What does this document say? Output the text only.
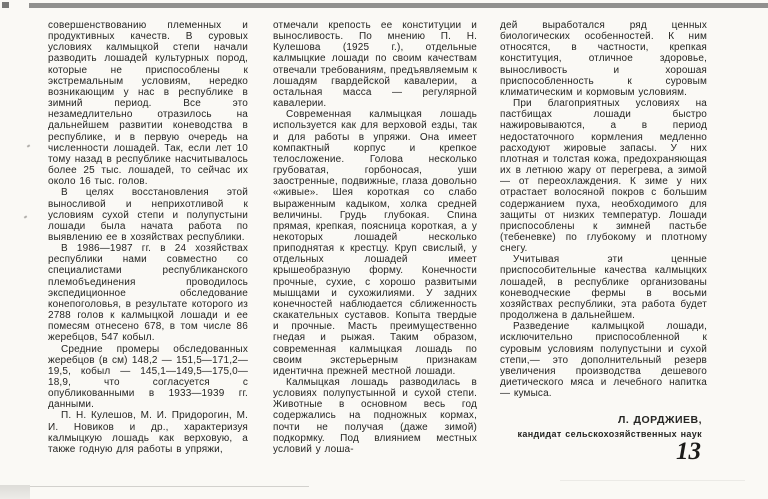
совершенствованию племенных и продуктивных качеств. В суровых условиях калмыцкой степи начали разводить лошадей культурных пород, которые не приспособлены к экстремальным условиям, нередко возникающим у нас в республике в зимний период. Все это незамедлительно отразилось на дальнейшем развитии коневодства в республике, и в первую очередь на численности лошадей. Так, если лет 10 тому назад в республике насчитывалось более 25 тыс. лошадей, то сейчас их около 16 тыс. голов.

В целях восстановления этой выносливой и неприхотливой к условиям сухой степи и полупустыни лошади была начата работа по выявлению ее в хозяйствах республики.

В 1986—1987 гг. в 24 хозяйствах республики нами совместно со специалистами республиканского племобъединения проводилось экспедиционное обследование конепоголовья, в результате которого из 2788 голов к калмыцкой лошади и ее помесям отнесено 678, в том числе 86 жеребцов, 547 кобыл.

Средние промеры обследованных жеребцов (в см) 148,2 — 151,5—171,2— 19,5, кобыл — 145,1—149,5—175,0— 18,9, что согласуется с опубликованными в 1933—1939 гг. данными.

П. Н. Кулешов, М. И. Придорогин, М. И. Новиков и др., характеризуя калмыцкую лошадь как верховую, а также годную для работы в упряжи,

отмечали крепость ее конституции и выносливость. По мнению П. Н. Кулешова (1925 г.), отдельные калмыцкие лошади по своим качествам отвечали требованиям, предъявляемым к лошадям гвардейской кавалерии, а остальная масса — регулярной кавалерии.

Современная калмыцкая лошадь используется как для верховой езды, так и для работы в упряжи. Она имеет компактный корпус и крепкое телосложение. Голова несколько грубоватая, горбоносая, уши заостренные, подвижные, глаза довольно «живые». Шея короткая со слабо выраженным кадыком, холка средней величины. Грудь глубокая. Спина прямая, крепкая, поясница короткая, а у некоторых лошадей несколько приподнятая к крестцу. Круп свислый, у отдельных лошадей имеет крышеобразную форму. Конечности прочные, сухие, с хорошо развитыми мышцами и сухожилиями. У задних конечностей наблюдается сближенность скакательных суставов. Копыта твердые и прочные. Масть преимущественно гнедая и рыжая. Таким образом, современная калмыцкая лошадь по своим экстерьерным признакам идентична прежней местной лошади.

Калмыцкая лошадь разводилась в условиях полупустынной и сухой степи. Животные в основном весь год содержались на подножных кормах, почти не получая (даже зимой) подкормку. Под влиянием местных условий у лоша-

дей выработался ряд ценных биологических особенностей. К ним относятся, в частности, крепкая конституция, отличное здоровье, выносливость и хорошая приспособленность к суровым климатическим и кормовым условиям.

При благоприятных условиях на пастбищах лошади быстро нажировываются, а в период недостаточного кормления медленно расходуют жировые запасы. У них плотная и толстая кожа, предохраняющая их в летнюю жару от перегрева, а зимой — от переохлаждения. К зиме у них отрастает волосяной покров с большим содержанием пуха, необходимого для защиты от низких температур. Лошади приспособлены к зимней пастьбе (тебеневке) по глубокому и плотному снегу.

Учитывая эти ценные приспособительные качества калмыцких лошадей, в республике организованы коневодческие фермы в восьми хозяйствах республики, эта работа будет продолжена в дальнейшем.

Разведение калмыцкой лошади, исключительно приспособленной к суровым условиям полупустыни и сухой степи,— это дополнительный резерв увеличения производства дешевого диетического мяса и лечебного напитка — кумыса.

Л. ДОРДЖИЕВ,
кандидат сельскохозяйственных наук
13
